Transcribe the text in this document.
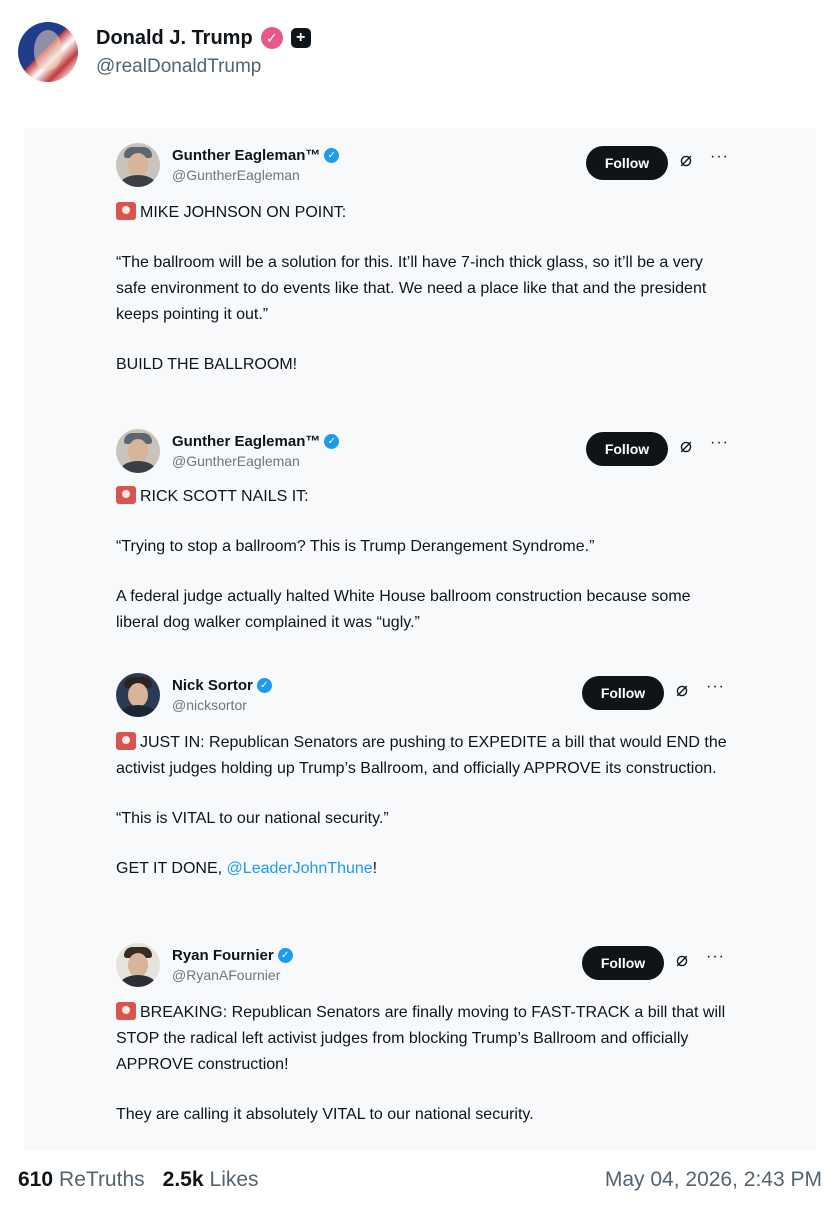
Donald J. Trump ✓	+
@realDonaldTrump
Gunther Eagleman™ ✓
@GuntherEagleman
Follow	⌀ ···

MIKE JOHNSON ON POINT:

“The ballroom will be a solution for this. It’ll have 7-inch thick glass, so it’ll be a very safe environment to do events like that. We need a place like that and the president keeps pointing it out.”

BUILD THE BALLROOM!

Gunther Eagleman™ ✓
@GuntherEagleman
Follow	⌀ ···

RICK SCOTT NAILS IT:

“Trying to stop a ballroom? This is Trump Derangement Syndrome.”

A federal judge actually halted White House ballroom construction because some liberal dog walker complained it was “ugly.”

Nick Sortor ✓
@nicksortor
Follow	⌀ ···

JUST IN: Republican Senators are pushing to EXPEDITE a bill that would END the activist judges holding up Trump’s Ballroom, and officially APPROVE its construction.

“This is VITAL to our national security.”

GET IT DONE, @LeaderJohnThune!

Ryan Fournier ✓
@RyanAFournier
Follow	⌀ ···

BREAKING: Republican Senators are finally moving to FAST-TRACK a bill that will STOP the radical left activist judges from blocking Trump’s Ballroom and officially APPROVE construction!

They are calling it absolutely VITAL to our national security.

610 ReTruths 2.5k Likes	May 04, 2026, 2:43 PM
